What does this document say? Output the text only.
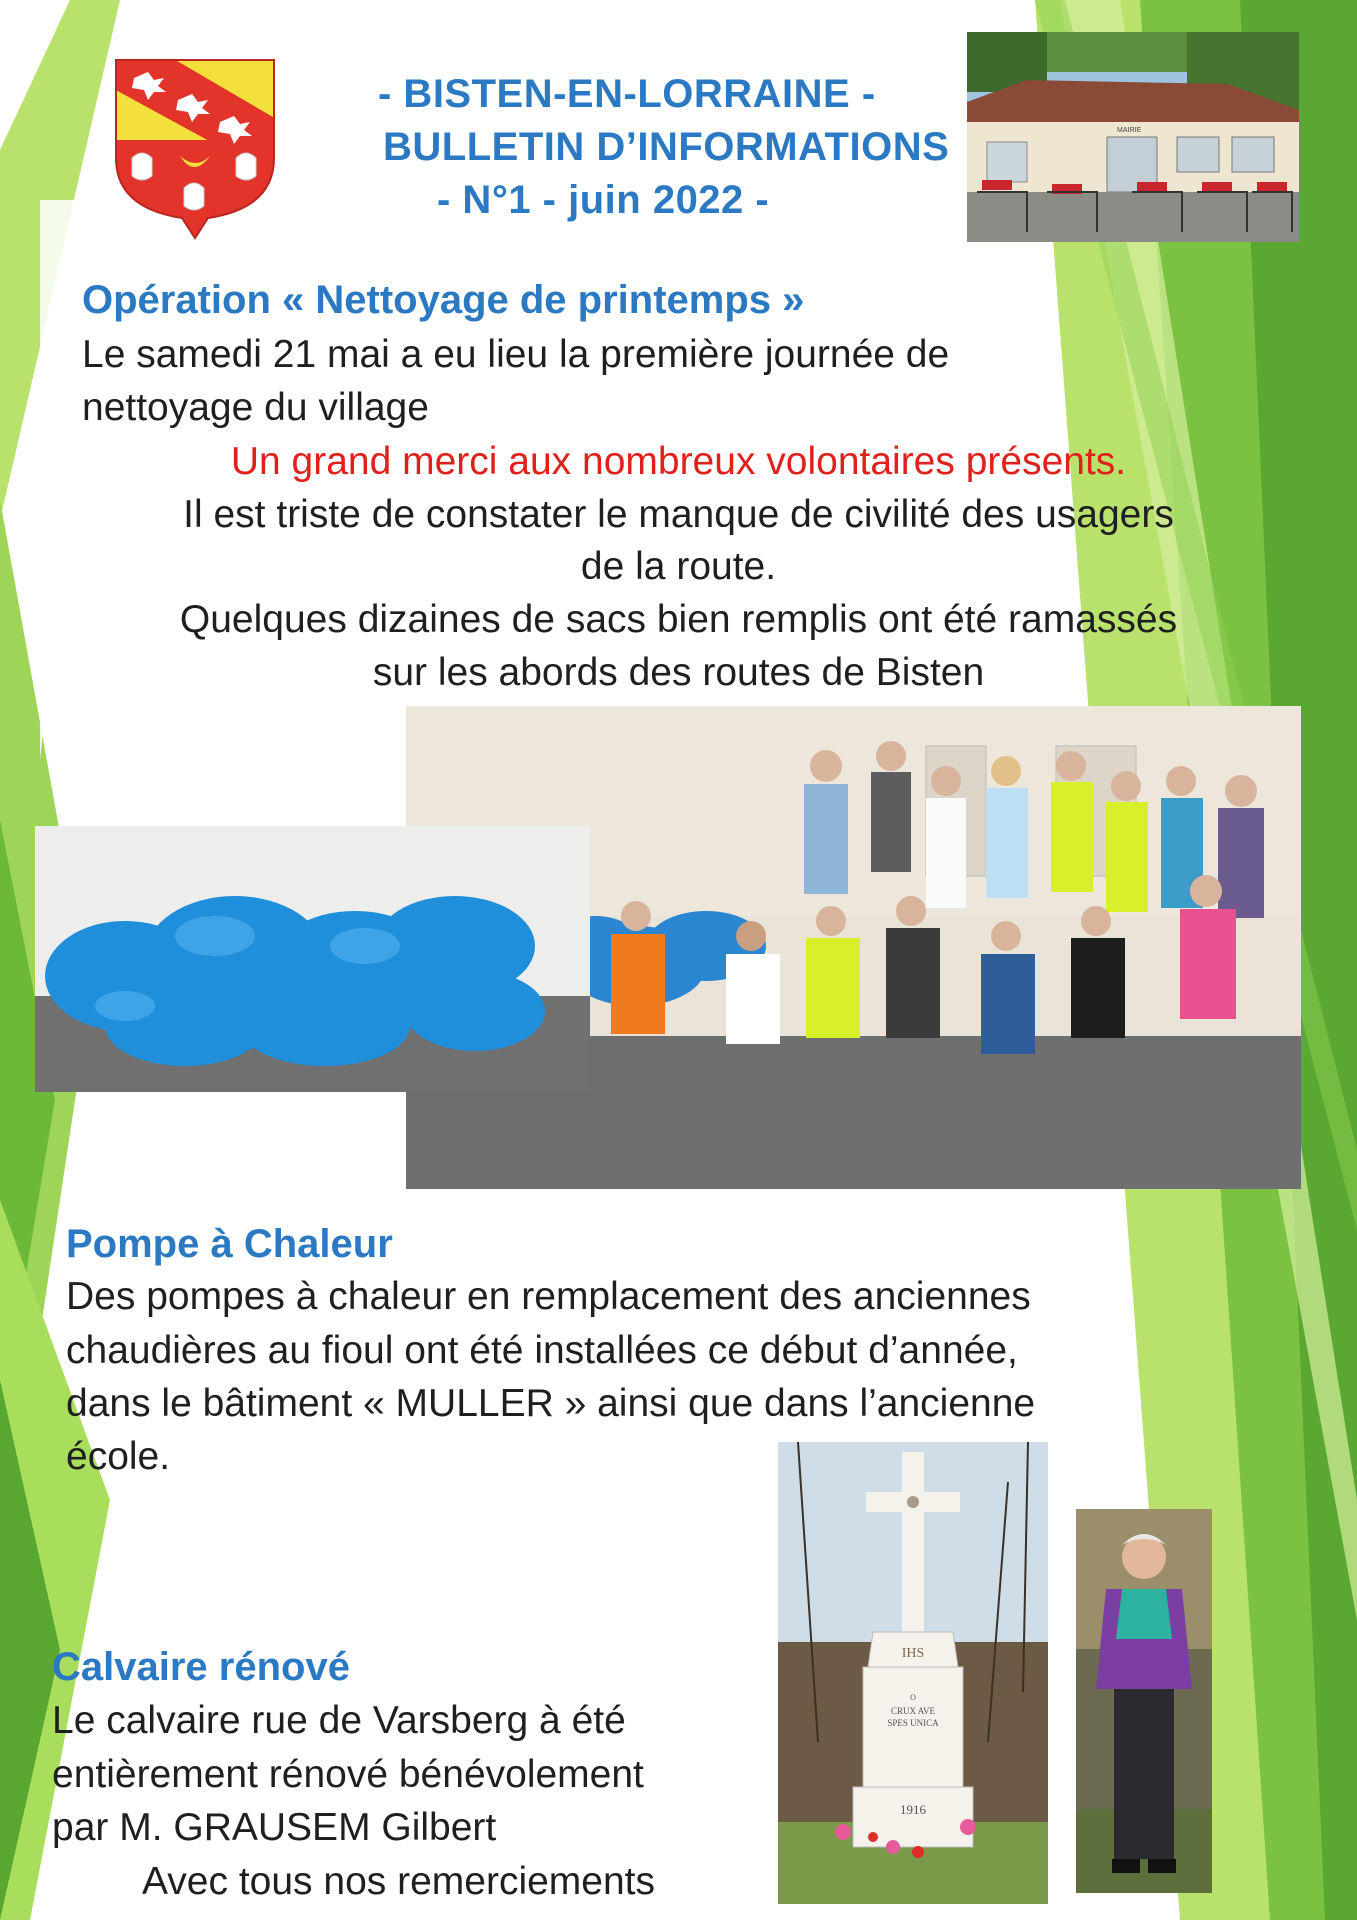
- BISTEN-EN-LORRAINE -
BULLETIN D’INFORMATIONS
- N°1 - juin 2022 -
MAIRIE
Opération « Nettoyage de printemps »
Le samedi 21 mai a eu lieu la première journée de
nettoyage du village
Un grand merci aux nombreux volontaires présents.
Il est triste de constater le manque de civilité des usagers
de la route.
Quelques dizaines de sacs bien remplis ont été ramassés
sur les abords des routes de Bisten
Pompe à Chaleur
Des pompes à chaleur en remplacement des anciennes
chaudières au fioul ont été installées ce début d’année,
dans le bâtiment « MULLER » ainsi que dans l’ancienne
école.
IHS
O
CRUX AVE
SPES UNICA
1916
Calvaire rénové
Le calvaire rue de Varsberg à été
entièrement rénové bénévolement
par M. GRAUSEM Gilbert
Avec tous nos remerciements
